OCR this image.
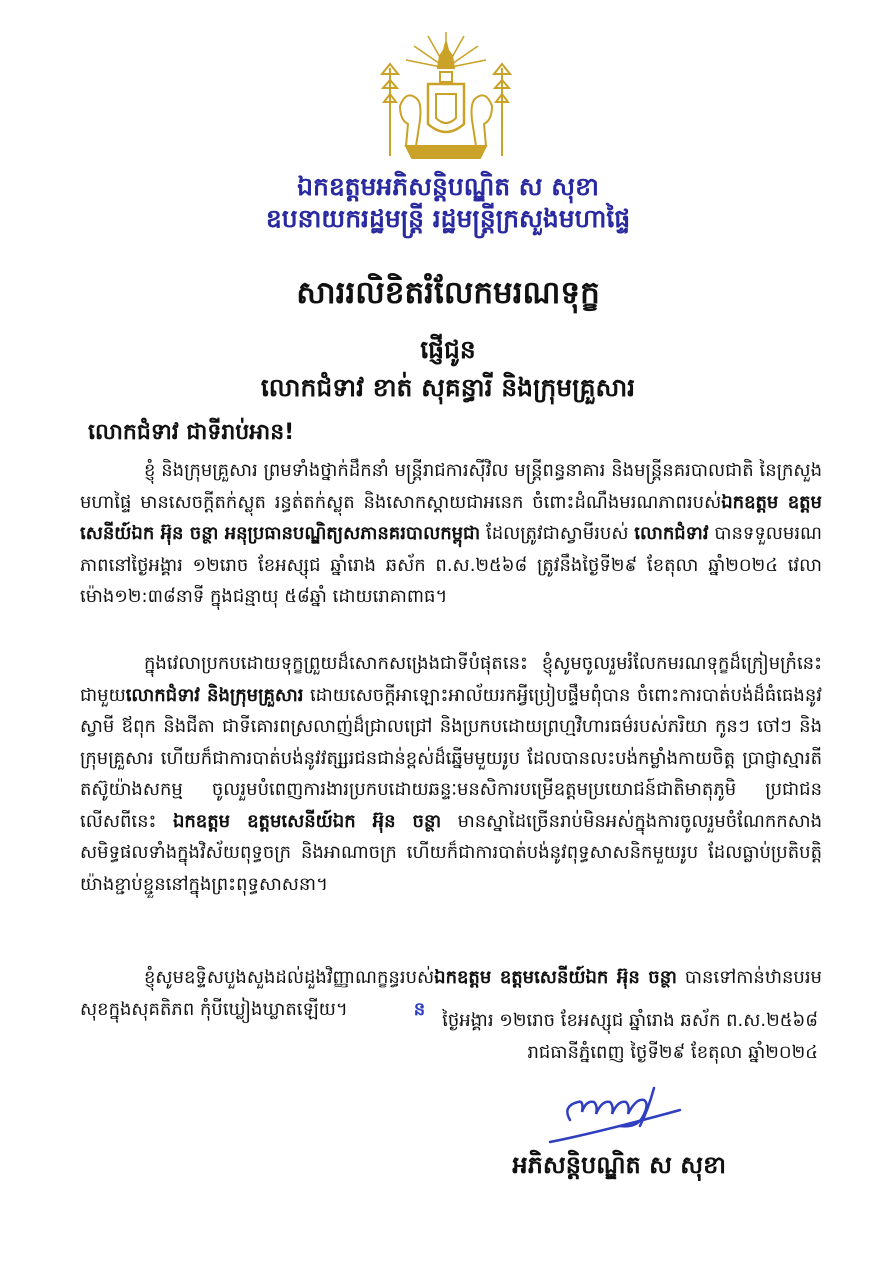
ឯកឧត្តមអភិសន្តិបណ្ឌិត ស សុខា
ឧបនាយករដ្ឋមន្ត្រី រដ្ឋមន្ត្រីក្រសួងមហាផ្ទៃ
សាររលិខិតរំលែកមរណទុក្ខ
ផ្ញើជូន
លោកជំទាវ ខាត់ សុគន្ធារី និងក្រុមគ្រួសារ
លោកជំទាវ ជាទីរាប់អាន!
ខ្ញុំ និងក្រុមគ្រួសារ ព្រមទាំងថ្នាក់ដឹកនាំ មន្ត្រីរាជការស៊ីវិល មន្ត្រីពន្ធនាគារ និងមន្ត្រីនគរបាលជាតិ នៃក្រសួងមហាផ្ទៃ មានសេចក្តីតក់ស្លុត រន្ធត់តក់ស្លុត និងសោកស្តាយជាអនេក ចំពោះដំណឹងមរណភាពរបស់ឯកឧត្តម ឧត្តមសេនីយ៍ឯក អ៊ុន ចន្ថា អនុប្រធានបណ្ឌិត្យសភានគរបាលកម្ពុជា ដែលត្រូវជាស្វាមីរបស់ លោកជំទាវ បានទទួលមរណភាពនៅថ្ងៃអង្គារ ១២រោច ខែអស្សុជ ឆ្នាំរោង ឆស័ក ព.ស.២៥៦៨ ត្រូវនឹងថ្ងៃទី២៩ ខែតុលា ឆ្នាំ២០២៤ វេលាម៉ោង១២:៣៨នាទី ក្នុងជន្មាយុ ៥៨ឆ្នាំ ដោយរោគាពាធ។
ក្នុងវេលាប្រកបដោយទុក្ខព្រួយដ៏សោកសង្រេងជាទីបំផុតនេះ ខ្ញុំសូមចូលរួមរំលែកមរណទុក្ខដ៏ក្រៀមក្រំនេះជាមួយលោកជំទាវ និងក្រុមគ្រួសារ ដោយសេចក្តីអាឡោះអាល័យរកអ្វីប្រៀបផ្ទឹមពុំបាន ចំពោះការបាត់បង់ដ៏ធំធេងនូវស្វាមី ឪពុក និងជីតា ជាទីគោរពស្រលាញ់ដ៏ជ្រាលជ្រៅ និងប្រកបដោយព្រហ្មវិហារធម៌របស់ភរិយា កូនៗ ចៅៗ និងក្រុមគ្រួសារ ហើយក៏ជាការបាត់បង់នូវវត្ស្សរជនជាន់ខ្ពស់ដ៏ឆ្នើមមួយរូប ដែលបានលះបង់កម្លាំងកាយចិត្ត ប្រាជ្ញាស្មារតី តស៊ូយ៉ាងសកម្ម ចូលរួមបំពេញការងារប្រកបដោយឆន្ទៈមនសិការបម្រើឧត្តមប្រយោជន៍ជាតិមាតុភូមិ ប្រជាជន លើសពីនេះ ឯកឧត្តម ឧត្តមសេនីយ៍ឯក អ៊ុន ចន្ថា មានស្នាដៃច្រើនរាប់មិនអស់ក្នុងការចូលរួមចំណែកកសាងសមិទ្ធផលទាំងក្នុងវិស័យពុទ្ធចក្រ និងអាណាចក្រ ហើយក៏ជាការបាត់បង់នូវពុទ្ធសាសនិកមួយរូប ដែលធ្លាប់ប្រតិបត្តិយ៉ាងខ្ជាប់ខ្ជួននៅក្នុងព្រះពុទ្ធសាសនា។
ខ្ញុំសូមឧទ្ទិសបួងសួងដល់ដួងវិញ្ញាណក្ខន្ធរបស់ឯកឧត្តម ឧត្តមសេនីយ៍ឯក អ៊ុន ចន្ថា បានទៅកាន់ឋានបរមសុខក្នុងសុគតិភព កុំបីឃ្លៀងឃ្លាតឡើយ។	ន
ថ្ងៃអង្គារ ១២រោច ខែអស្សុជ ឆ្នាំរោង ឆស័ក ព.ស.២៥៦៨
រាជធានីភ្នំពេញ ថ្ងៃទី២៩ ខែតុលា ឆ្នាំ២០២៤
អភិសន្តិបណ្ឌិត ស សុខា
